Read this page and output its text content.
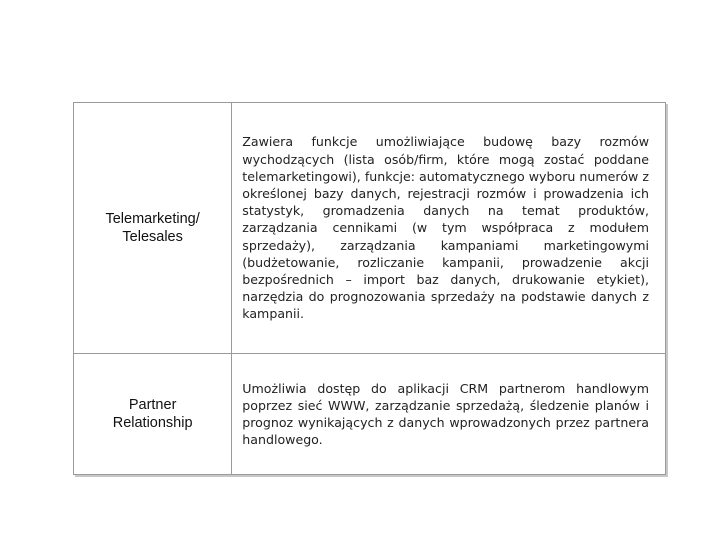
Telemarketing/
Telesales	Zawiera funkcje umożliwiające budowę bazy rozmów wychodzących (lista osób/firm, które mogą zostać poddane telemarketingowi), funkcje: automatycznego wyboru numerów z określonej bazy danych, rejestracji rozmów i prowadzenia ich statystyk, gromadzenia danych na temat produktów, zarządzania cennikami (w tym współpraca z modułem sprzedaży), zarządzania kampaniami marketingowymi (budżetowanie, rozliczanie kampanii, prowadzenie akcji bezpośrednich – import baz danych, drukowanie etykiet), narzędzia do prognozowania sprzedaży na podstawie danych z kampanii.

Partner
Relationship	Umożliwia dostęp do aplikacji CRM partnerom handlowym poprzez sieć WWW, zarządzanie sprzedażą, śledzenie planów i prognoz wynikających z danych wprowadzonych przez partnera handlowego.
